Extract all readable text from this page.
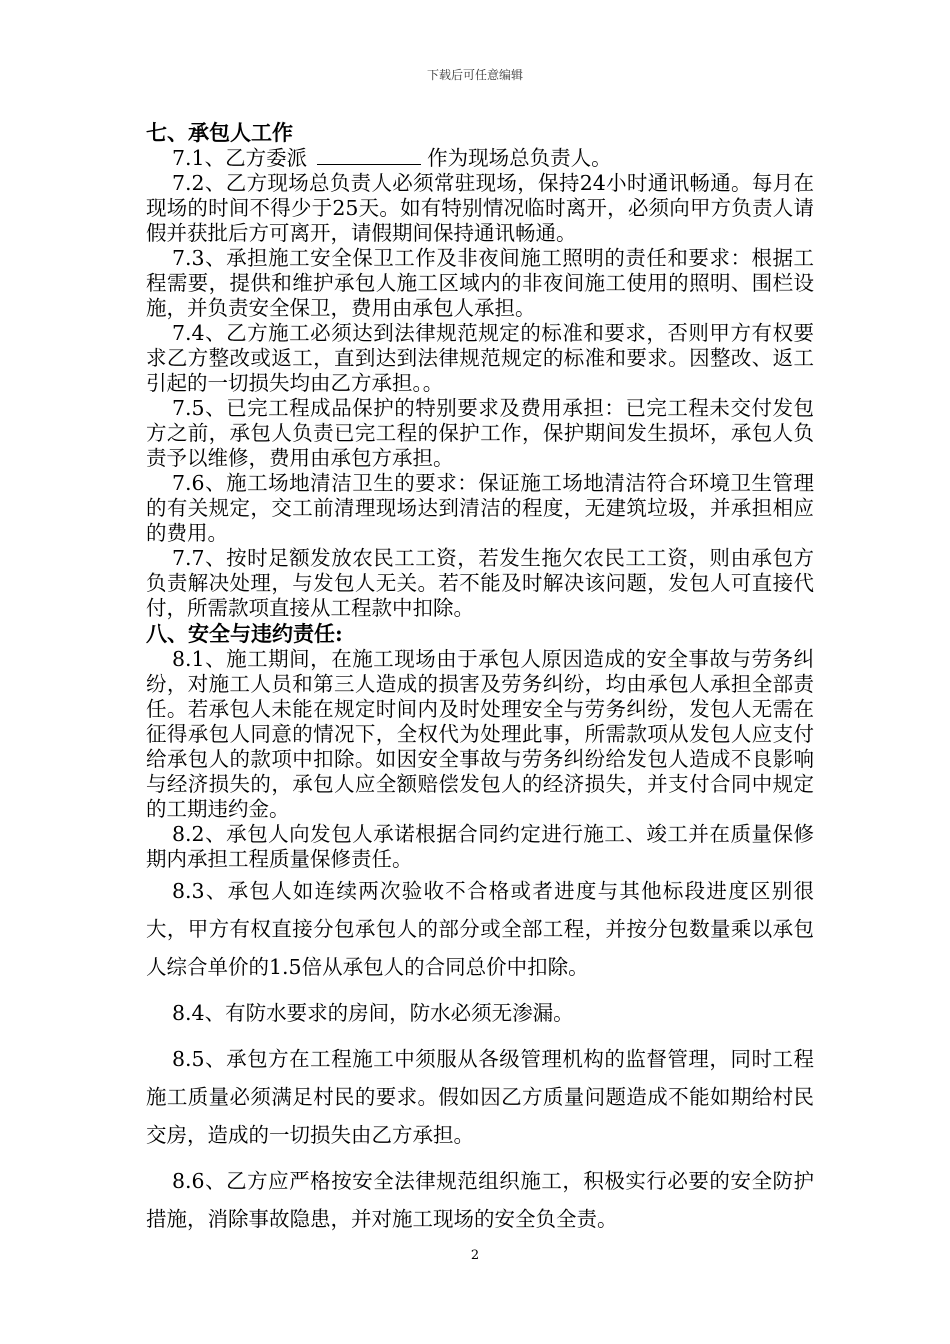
下载后可任意编辑

七、承包人工作

7.1、乙方委派	作为现场总负责人。

7.2、乙方现场总负责人必须常驻现场，保持24小时通讯畅通。每月在现场的时间不得少于25天。如有特别情况临时离开，必须向甲方负责人请假并获批后方可离开，请假期间保持通讯畅通。

7.3、承担施工安全保卫工作及非夜间施工照明的责任和要求：根据工程需要，提供和维护承包人施工区域内的非夜间施工使用的照明、围栏设施，并负责安全保卫，费用由承包人承担。

7.4、乙方施工必须达到法律规范规定的标准和要求，否则甲方有权要求乙方整改或返工，直到达到法律规范规定的标准和要求。因整改、返工引起的一切损失均由乙方承担。。

7.5、已完工程成品保护的特别要求及费用承担：已完工程未交付发包方之前，承包人负责已完工程的保护工作，保护期间发生损坏，承包人负责予以维修，费用由承包方承担。

7.6、施工场地清洁卫生的要求：保证施工场地清洁符合环境卫生管理的有关规定，交工前清理现场达到清洁的程度，无建筑垃圾，并承担相应的费用。

7.7、按时足额发放农民工工资，若发生拖欠农民工工资，则由承包方负责解决处理，与发包人无关。若不能及时解决该问题，发包人可直接代付，所需款项直接从工程款中扣除。

八、安全与违约责任:

8.1、施工期间，在施工现场由于承包人原因造成的安全事故与劳务纠纷，对施工人员和第三人造成的损害及劳务纠纷，均由承包人承担全部责任。若承包人未能在规定时间内及时处理安全与劳务纠纷，发包人无需在征得承包人同意的情况下，全权代为处理此事，所需款项从发包人应支付给承包人的款项中扣除。如因安全事故与劳务纠纷给发包人造成不良影响与经济损失的，承包人应全额赔偿发包人的经济损失，并支付合同中规定的工期违约金。

8.2、承包人向发包人承诺根据合同约定进行施工、竣工并在质量保修期内承担工程质量保修责任。

8.3、承包人如连续两次验收不合格或者进度与其他标段进度区别很大，甲方有权直接分包承包人的部分或全部工程，并按分包数量乘以承包人综合单价的1.5倍从承包人的合同总价中扣除。

8.4、有防水要求的房间，防水必须无渗漏。

8.5、承包方在工程施工中须服从各级管理机构的监督管理，同时工程施工质量必须满足村民的要求。假如因乙方质量问题造成不能如期给村民交房，造成的一切损失由乙方承担。

8.6、乙方应严格按安全法律规范组织施工，积极实行必要的安全防护措施，消除事故隐患，并对施工现场的安全负全责。

2
